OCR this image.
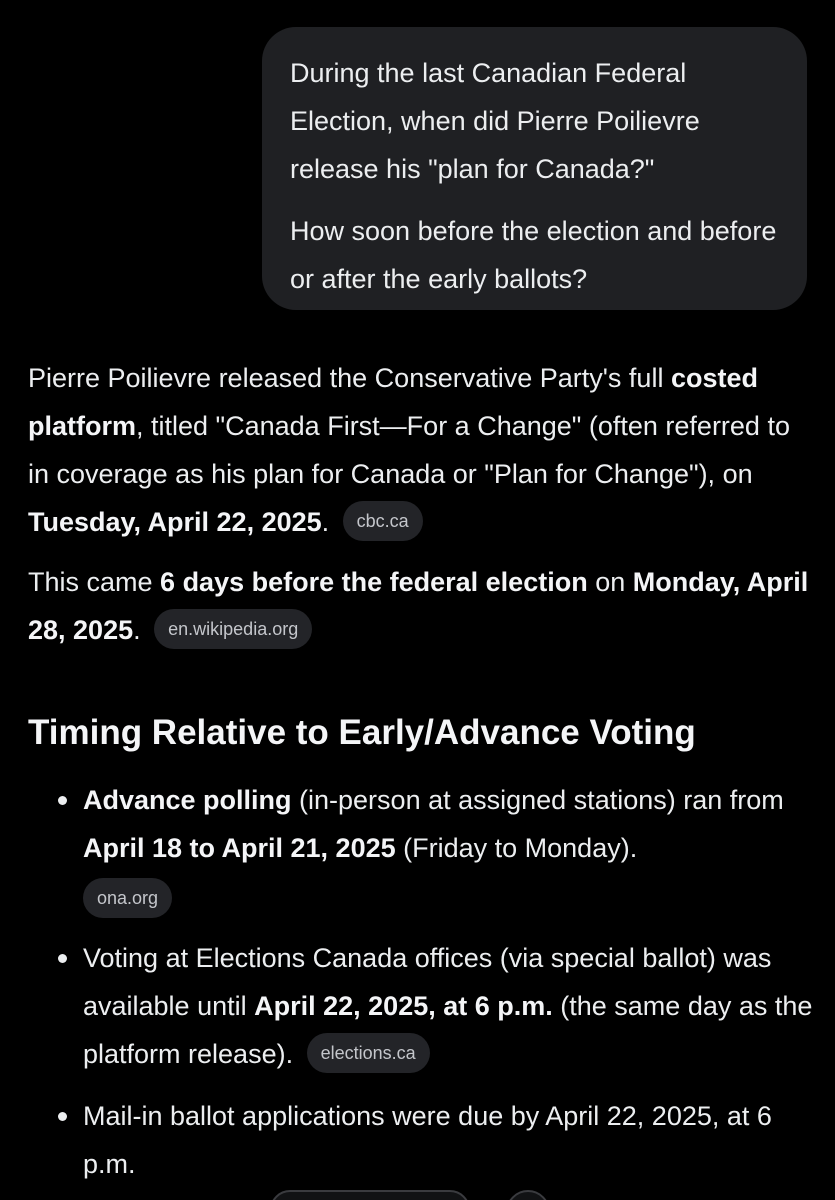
During the last Canadian Federal Election, when did Pierre Poilievre release his "plan for Canada?"

How soon before the election and before or after the early ballots?

Pierre Poilievre released the Conservative Party's full costed platform, titled "Canada First—For a Change" (often referred to in coverage as his plan for Canada or "Plan for Change"), on Tuesday, April 22, 2025. cbc.ca

This came 6 days before the federal election on Monday, April 28, 2025. en.wikipedia.org

Timing Relative to Early/Advance Voting
Advance polling (in-person at assigned stations) ran from April 18 to April 21, 2025 (Friday to Monday).
ona.org
Voting at Elections Canada offices (via special ballot) was available until April 22, 2025, at 6 p.m. (the same day as the platform release). elections.ca
Mail-in ballot applications were due by April 22, 2025, at 6 p.m.
